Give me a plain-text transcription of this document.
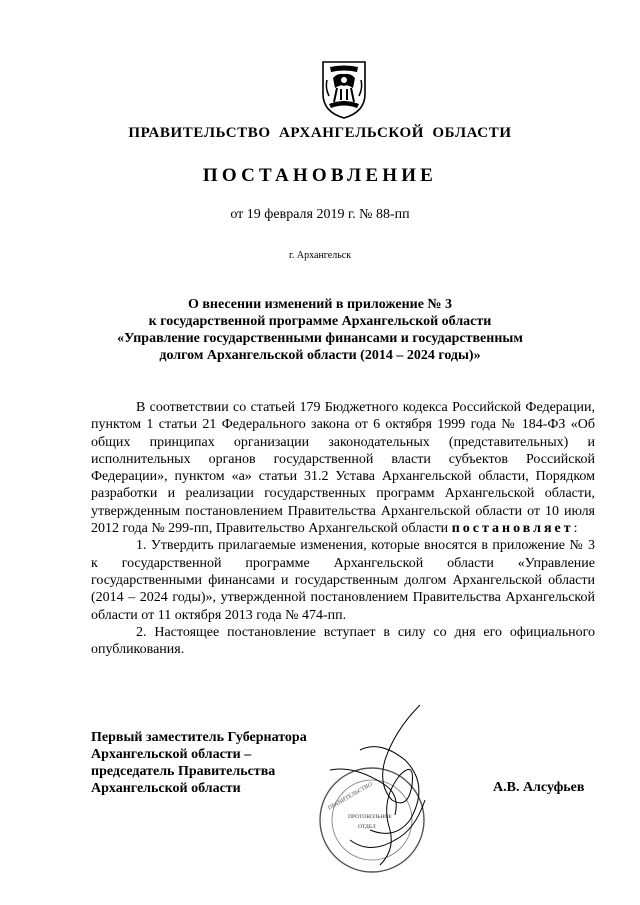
ПРАВИТЕЛЬСТВО АРХАНГЕЛЬСКОЙ ОБЛАСТИ
ПОСТАНОВЛЕНИЕ
от 19 февраля 2019 г. № 88-пп
г. Архангельск
О внесении изменений в приложение № 3
к государственной программе Архангельской области
«Управление государственными финансами и государственным
долгом Архангельской области (2014 – 2024 годы)»

В соответствии со статьей 179 Бюджетного кодекса Российской Федерации, пунктом 1 статьи 21 Федерального закона от 6 октября 1999 года № 184-ФЗ «Об общих принципах организации законодательных (представительных) и исполнительных органов государственной власти субъектов Российской Федерации», пунктом «а» статьи 31.2 Устава Архангельской области, Порядком разработки и реализации государственных программ Архангельской области, утвержденным постановлением Правительства Архангельской области от 10 июля 2012 года № 299-пп, Правительство Архангельской области постановляет:

1. Утвердить прилагаемые изменения, которые вносятся в приложение № 3 к государственной программе Архангельской области «Управление государственными финансами и государственным долгом Архангельской области (2014 – 2024 годы)», утвержденной постановлением Правительства Архангельской области от 11 октября 2013 года № 474-пп.

2. Настоящее постановление вступает в силу со дня его официального опубликования.

ПРАВИТЕЛЬСТВО
ПРОТОКОЛЬНОЕ
ОТДЕЛ
Первый заместитель Губернатора
Архангельской области –
председатель Правительства
Архангельской области	А.В. Алсуфьев
